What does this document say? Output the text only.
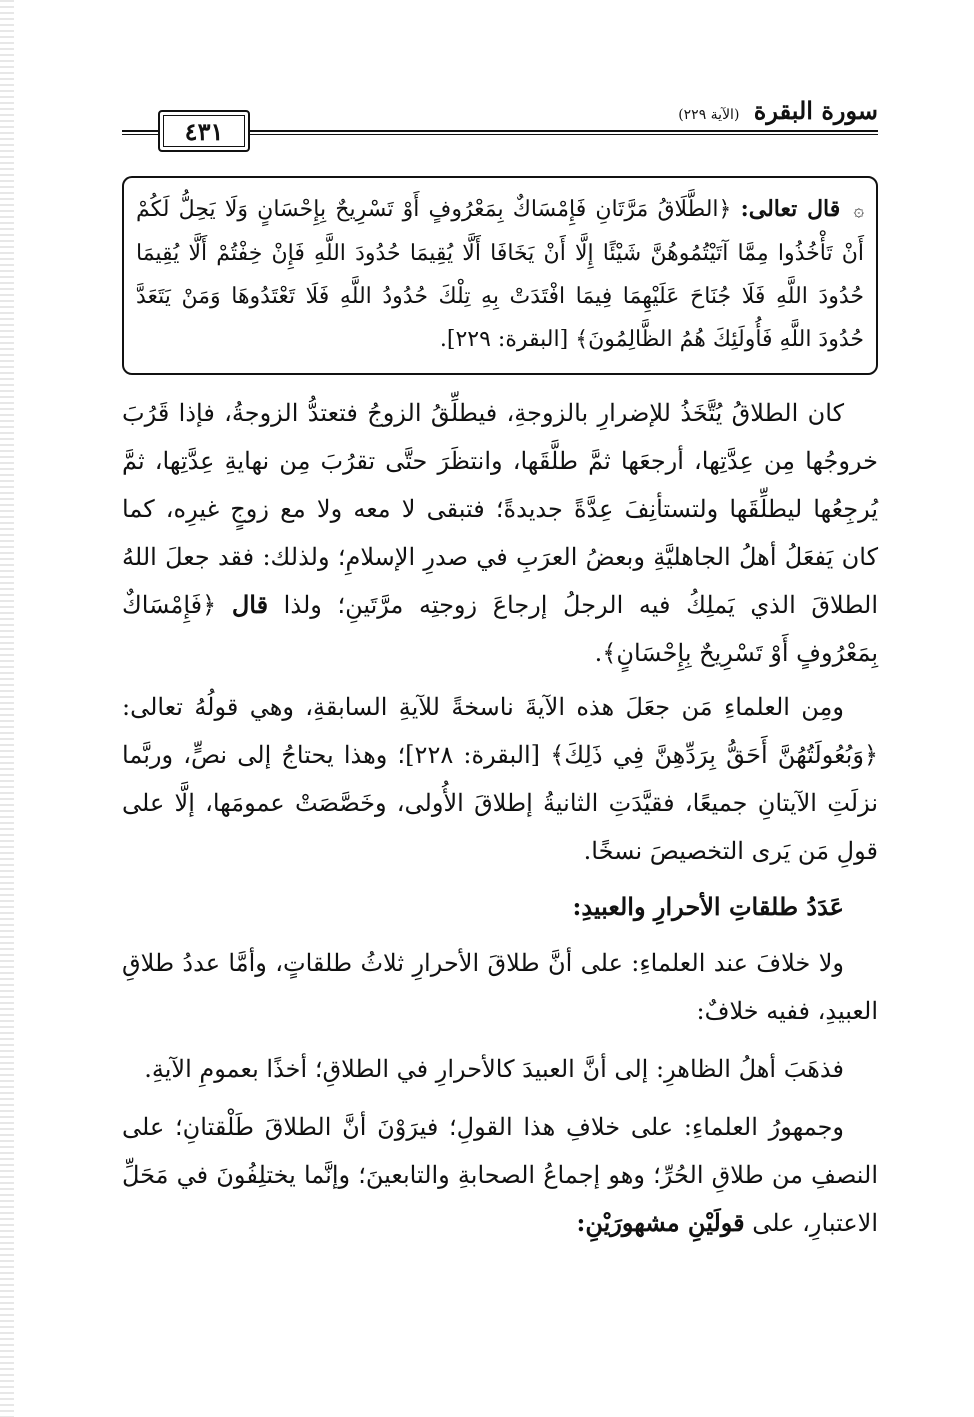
سورة البقرة (الآية ٢٢٩)
٤٣١
۞ قال تعالى: ﴿الطَّلَاقُ مَرَّتَانِ فَإِمْسَاكٌ بِمَعْرُوفٍ أَوْ تَسْرِيحٌ بِإِحْسَانٍ وَلَا يَحِلُّ لَكُمْ أَنْ تَأْخُذُوا مِمَّا آتَيْتُمُوهُنَّ شَيْئًا إِلَّا أَنْ يَخَافَا أَلَّا يُقِيمَا حُدُودَ اللَّهِ فَإِنْ خِفْتُمْ أَلَّا يُقِيمَا حُدُودَ اللَّهِ فَلَا جُنَاحَ عَلَيْهِمَا فِيمَا افْتَدَتْ بِهِ تِلْكَ حُدُودُ اللَّهِ فَلَا تَعْتَدُوهَا وَمَنْ يَتَعَدَّ حُدُودَ اللَّهِ فَأُولَئِكَ هُمُ الظَّالِمُونَ﴾ [البقرة: ٢٢٩].

كان الطلاقُ يُتَّخَذُ للإضرارِ بالزوجةِ، فيطلِّقُ الزوجُ فتعتدُّ الزوجةُ، فإذا قَرُبَ خروجُها مِن عِدَّتِها، أرجعَها ثمَّ طلَّقَها، وانتظَرَ حتَّى تقرُبَ مِن نهايةِ عِدَّتِها، ثمَّ يُرجِعُها ليطلِّقَها ولتستأنِفَ عِدَّةً جديدةً؛ فتبقى لا معه ولا مع زوجٍ غيرِه، كما كان يَفعَلُ أهلُ الجاهليَّةِ وبعضُ العرَبِ في صدرِ الإسلامِ؛ ولذلك: فقد جعلَ اللهُ الطلاقَ الذي يَملِكُ فيه الرجلُ إرجاعَ زوجتِه مرَّتَينِ؛ ولذا قال ﴿فَإِمْسَاكٌ بِمَعْرُوفٍ أَوْ تَسْرِيحٌ بِإِحْسَانٍ﴾.

ومِن العلماءِ مَن جعَلَ هذه الآيةَ ناسخةً للآيةِ السابقةِ، وهي قولُهُ تعالى: ﴿وَبُعُولَتُهُنَّ أَحَقُّ بِرَدِّهِنَّ فِي ذَلِكَ﴾ [البقرة: ٢٢٨]؛ وهذا يحتاجُ إلى نصٍّ، وربَّما نزلَتِ الآيتانِ جميعًا، فقيَّدَتِ الثانيةُ إطلاقَ الأُولى، وخَصَّصَتْ عمومَها، إلَّا على قولِ مَن يَرى التخصيصَ نسخًا.

عَدَدُ طلقاتِ الأحرارِ والعبيدِ:

ولا خلافَ عند العلماءِ: على أنَّ طلاقَ الأحرارِ ثلاثُ طلقاتٍ، وأمَّا عددُ طلاقِ العبيدِ، ففيه خلافٌ:

فذهَبَ أهلُ الظاهرِ: إلى أنَّ العبيدَ كالأحرارِ في الطلاقِ؛ أخذًا بعمومِ الآيةِ.

وجمهورُ العلماءِ: على خلافِ هذا القولِ؛ فيرَوْنَ أنَّ الطلاقَ طَلْقتانِ؛ على النصفِ من طلاقِ الحُرِّ؛ وهو إجماعُ الصحابةِ والتابعينَ؛ وإنَّما يختلِفُونَ في مَحَلِّ الاعتبارِ، على قولَيْنِ مشهورَيْنِ:
